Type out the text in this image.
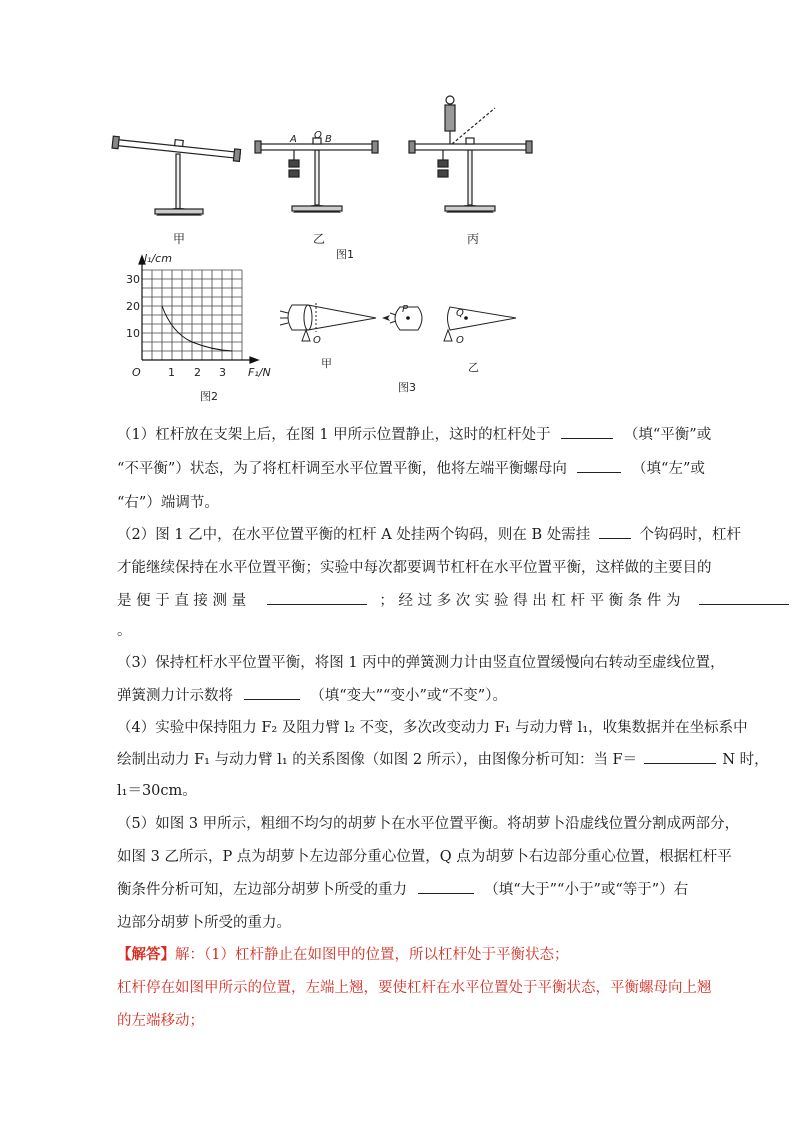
A O B
甲	乙	丙
图1
l₁/cm
F₁/N
30
20
10
1 2 3
O
图2
O
P	Q
O
甲	乙
图3
（1）杠杆放在支架上后，在图 1 甲所示位置静止，这时的杠杆处于	（填“平衡”或
“不平衡”）状态，为了将杠杆调至水平位置平衡，他将左端平衡螺母向	（填“左”或
“右”）端调节。
（2）图 1 乙中，在水平位置平衡的杠杆 A 处挂两个钩码，则在 B 处需挂	个钩码时，杠杆
才能继续保持在水平位置平衡；实验中每次都要调节杠杆在水平位置平衡，这样做的主要目的
是 便 于 直 接 测 量	； 经 过 多 次 实 验 得 出 杠 杆 平 衡 条 件 为
。
（3）保持杠杆水平位置平衡，将图 1 丙中的弹簧测力计由竖直位置缓慢向右转动至虚线位置，
弹簧测力计示数将	（填“变大”“变小”或“不变”）。
（4）实验中保持阻力 F₂ 及阻力臂 l₂ 不变，多次改变动力 F₁ 与动力臂 l₁，收集数据并在坐标系中
绘制出动力 F₁ 与动力臂 l₁ 的关系图像（如图 2 所示），由图像分析可知：当 F＝	N 时，
l₁＝30cm。
（5）如图 3 甲所示，粗细不均匀的胡萝卜在水平位置平衡。将胡萝卜沿虚线位置分割成两部分，
如图 3 乙所示，P 点为胡萝卜左边部分重心位置，Q 点为胡萝卜右边部分重心位置，根据杠杆平
衡条件分析可知，左边部分胡萝卜所受的重力	（填“大于”“小于”或“等于”）右
边部分胡萝卜所受的重力。
【解答】解：（1）杠杆静止在如图甲的位置，所以杠杆处于平衡状态；
杠杆停在如图甲所示的位置，左端上翘，要使杠杆在水平位置处于平衡状态，平衡螺母向上翘
的左端移动；
